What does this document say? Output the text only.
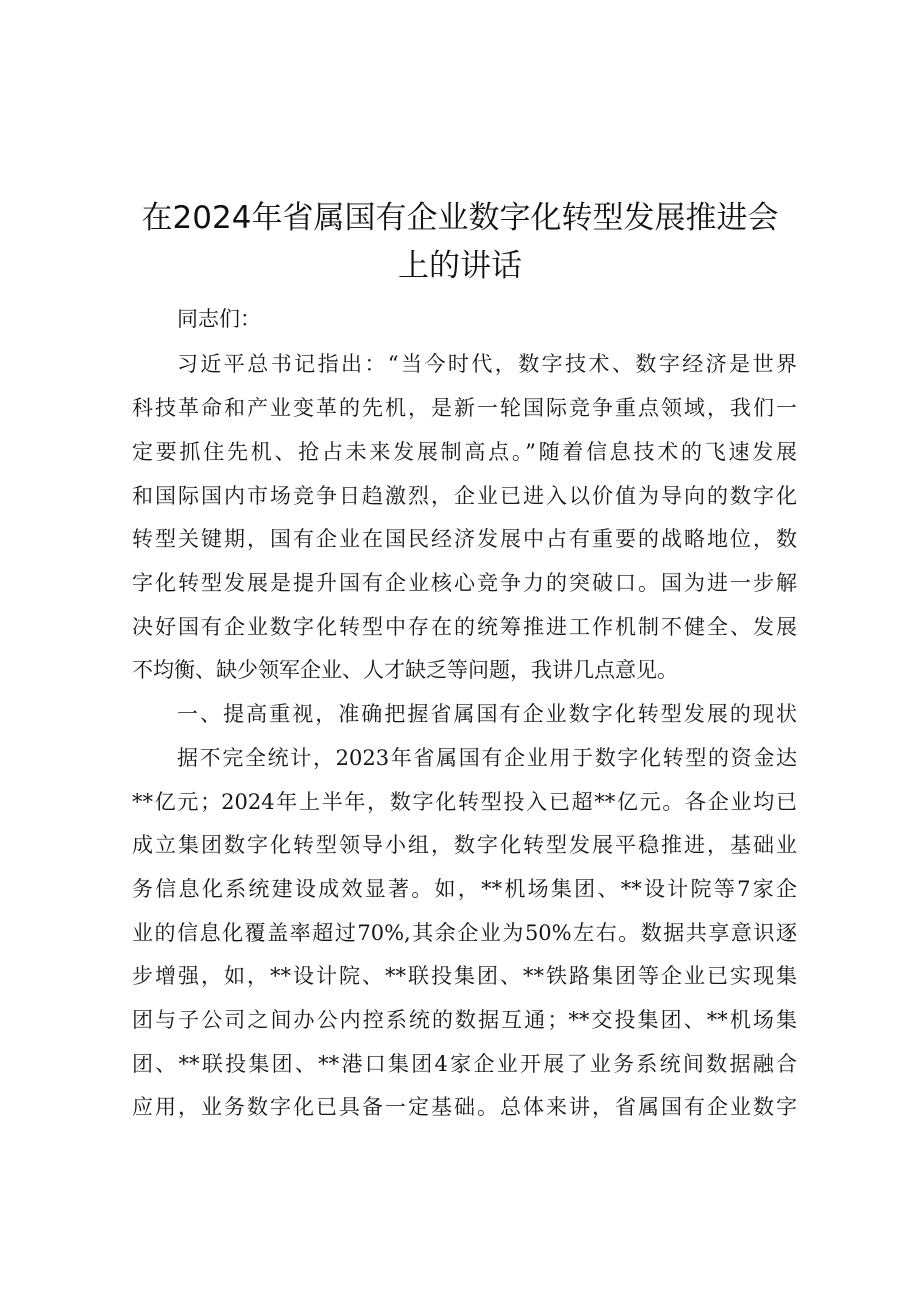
在2024年省属国有企业数字化转型发展推进会
上的讲话
同志们：
习近平总书记指出：“当今时代，数字技术、数字经济是世界
科技革命和产业变革的先机，是新一轮国际竞争重点领域，我们一
定要抓住先机、抢占未来发展制高点。”随着信息技术的飞速发展
和国际国内市场竞争日趋激烈，企业已进入以价值为导向的数字化
转型关键期，国有企业在国民经济发展中占有重要的战略地位，数
字化转型发展是提升国有企业核心竞争力的突破口。国为进一步解
决好国有企业数字化转型中存在的统筹推进工作机制不健全、发展
不均衡、缺少领军企业、人才缺乏等问题，我讲几点意见。
一、提高重视，准确把握省属国有企业数字化转型发展的现状
据不完全统计，2023年省属国有企业用于数字化转型的资金达
**亿元；2024年上半年，数字化转型投入已超**亿元。各企业均已
成立集团数字化转型领导小组，数字化转型发展平稳推进，基础业
务信息化系统建设成效显著。如，**机场集团、**设计院等7家企
业的信息化覆盖率超过70%,其余企业为50%左右。数据共享意识逐
步增强，如，**设计院、**联投集团、**铁路集团等企业已实现集
团与子公司之间办公内控系统的数据互通；**交投集团、**机场集
团、**联投集团、**港口集团4家企业开展了业务系统间数据融合
应用，业务数字化已具备一定基础。总体来讲，省属国有企业数字
